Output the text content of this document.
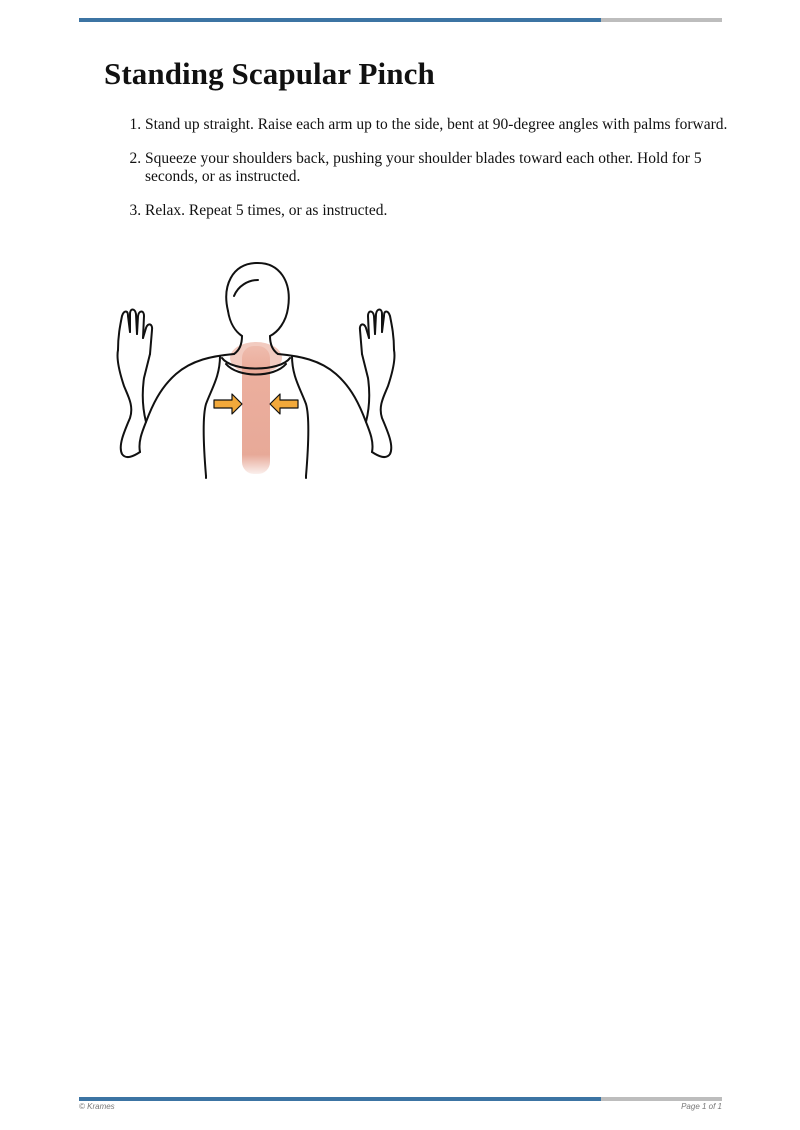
Standing Scapular Pinch
1. Stand up straight. Raise each arm up to the side, bent at 90-degree angles with palms forward.
2. Squeeze your shoulders back, pushing your shoulder blades toward each other. Hold for 5 seconds, or as instructed.
3. Relax. Repeat 5 times, or as instructed.
© Krames	Page 1 of 1
